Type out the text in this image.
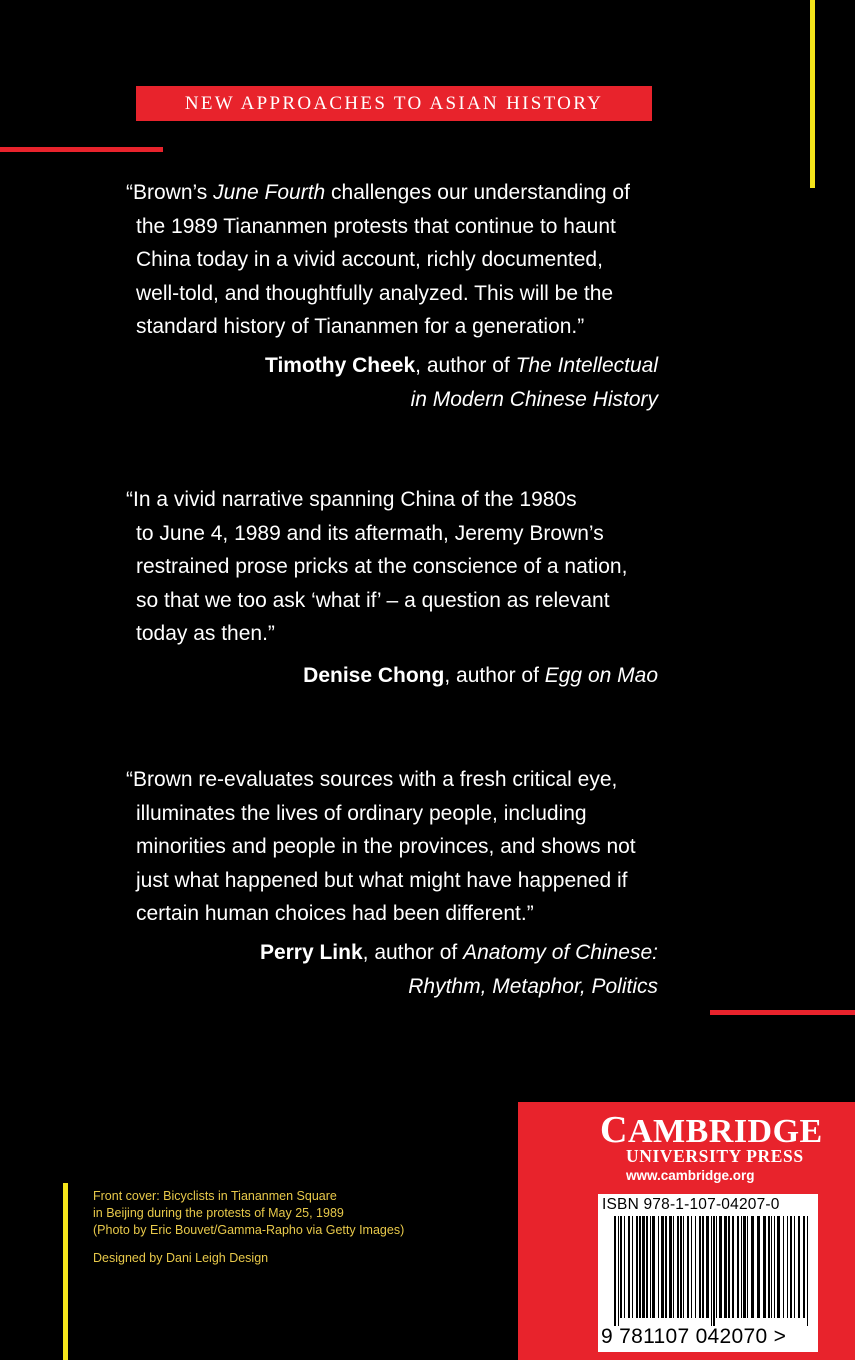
NEW APPROACHES TO ASIAN HISTORY
“Brown’s June Fourth challenges our understanding of
the 1989 Tiananmen protests that continue to haunt
China today in a vivid account, richly documented,
well-told, and thoughtfully analyzed. This will be the
standard history of Tiananmen for a generation.”
Timothy Cheek, author of The Intellectual
in Modern Chinese History
“In a vivid narrative spanning China of the 1980s
to June 4, 1989 and its aftermath, Jeremy Brown’s
restrained prose pricks at the conscience of a nation,
so that we too ask ‘what if’ – a question as relevant
today as then.”
Denise Chong, author of Egg on Mao
“Brown re-evaluates sources with a fresh critical eye,
illuminates the lives of ordinary people, including
minorities and people in the provinces, and shows not
just what happened but what might have happened if
certain human choices had been different.”
Perry Link, author of Anatomy of Chinese:
Rhythm, Metaphor, Politics
Front cover: Bicyclists in Tiananmen Square
in Beijing during the protests of May 25, 1989
(Photo by Eric Bouvet/Gamma-Rapho via Getty Images)
Designed by Dani Leigh Design
CAMBRIDGE
UNIVERSITY PRESS
www.cambridge.org
ISBN 978-1-107-04207-0
9 781107 042070 >
